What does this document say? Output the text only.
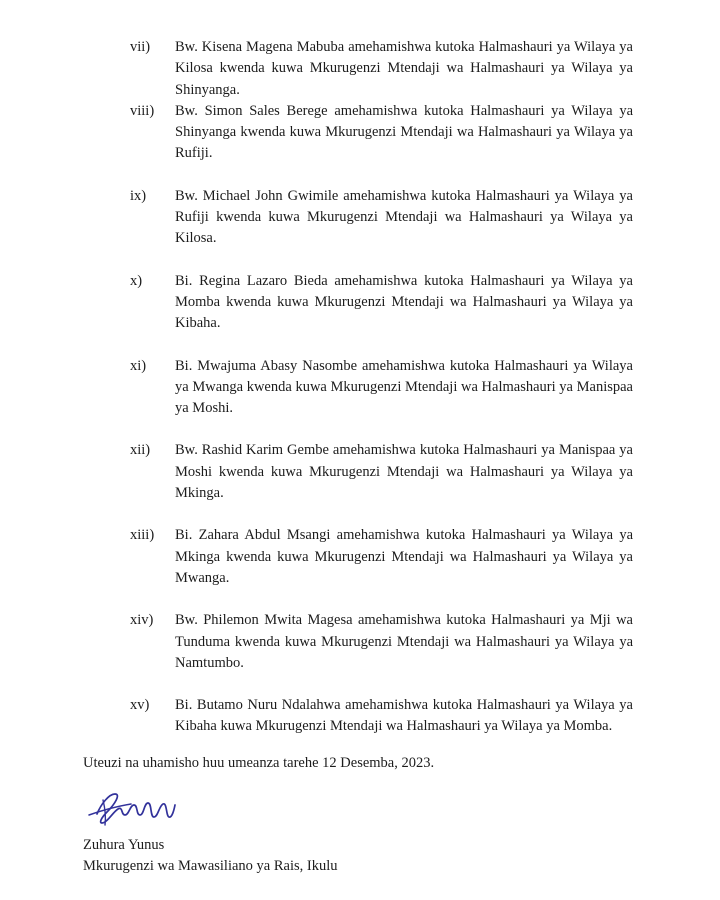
vii)	Bw. Kisena Magena Mabuba amehamishwa kutoka Halmashauri ya Wilaya ya Kilosa kwenda kuwa Mkurugenzi Mtendaji wa Halmashauri ya Wilaya ya Shinyanga.

viii)	Bw. Simon Sales Berege amehamishwa kutoka Halmashauri ya Wilaya ya Shinyanga kwenda kuwa Mkurugenzi Mtendaji wa Halmashauri ya Wilaya ya Rufiji.

ix)	Bw. Michael John Gwimile amehamishwa kutoka Halmashauri ya Wilaya ya Rufiji kwenda kuwa Mkurugenzi Mtendaji wa Halmashauri ya Wilaya ya Kilosa.

x)	Bi. Regina Lazaro Bieda amehamishwa kutoka Halmashauri ya Wilaya ya Momba kwenda kuwa Mkurugenzi Mtendaji wa Halmashauri ya Wilaya ya Kibaha.

xi)	Bi. Mwajuma Abasy Nasombe amehamishwa kutoka Halmashauri ya Wilaya ya Mwanga kwenda kuwa Mkurugenzi Mtendaji wa Halmashauri ya Manispaa ya Moshi.

xii)	Bw. Rashid Karim Gembe amehamishwa kutoka Halmashauri ya Manispaa ya Moshi kwenda kuwa Mkurugenzi Mtendaji wa Halmashauri ya Wilaya ya Mkinga.

xiii)	Bi. Zahara Abdul Msangi amehamishwa kutoka Halmashauri ya Wilaya ya Mkinga kwenda kuwa Mkurugenzi Mtendaji wa Halmashauri ya Wilaya ya Mwanga.

xiv)	Bw. Philemon Mwita Magesa amehamishwa kutoka Halmashauri ya Mji wa Tunduma kwenda kuwa Mkurugenzi Mtendaji wa Halmashauri ya Wilaya ya Namtumbo.

xv)	Bi. Butamo Nuru Ndalahwa amehamishwa kutoka Halmashauri ya Wilaya ya Kibaha kuwa Mkurugenzi Mtendaji wa Halmashauri ya Wilaya ya Momba.

Uteuzi na uhamisho huu umeanza tarehe 12 Desemba, 2023.

Zuhura Yunus

Mkurugenzi wa Mawasiliano ya Rais, Ikulu
